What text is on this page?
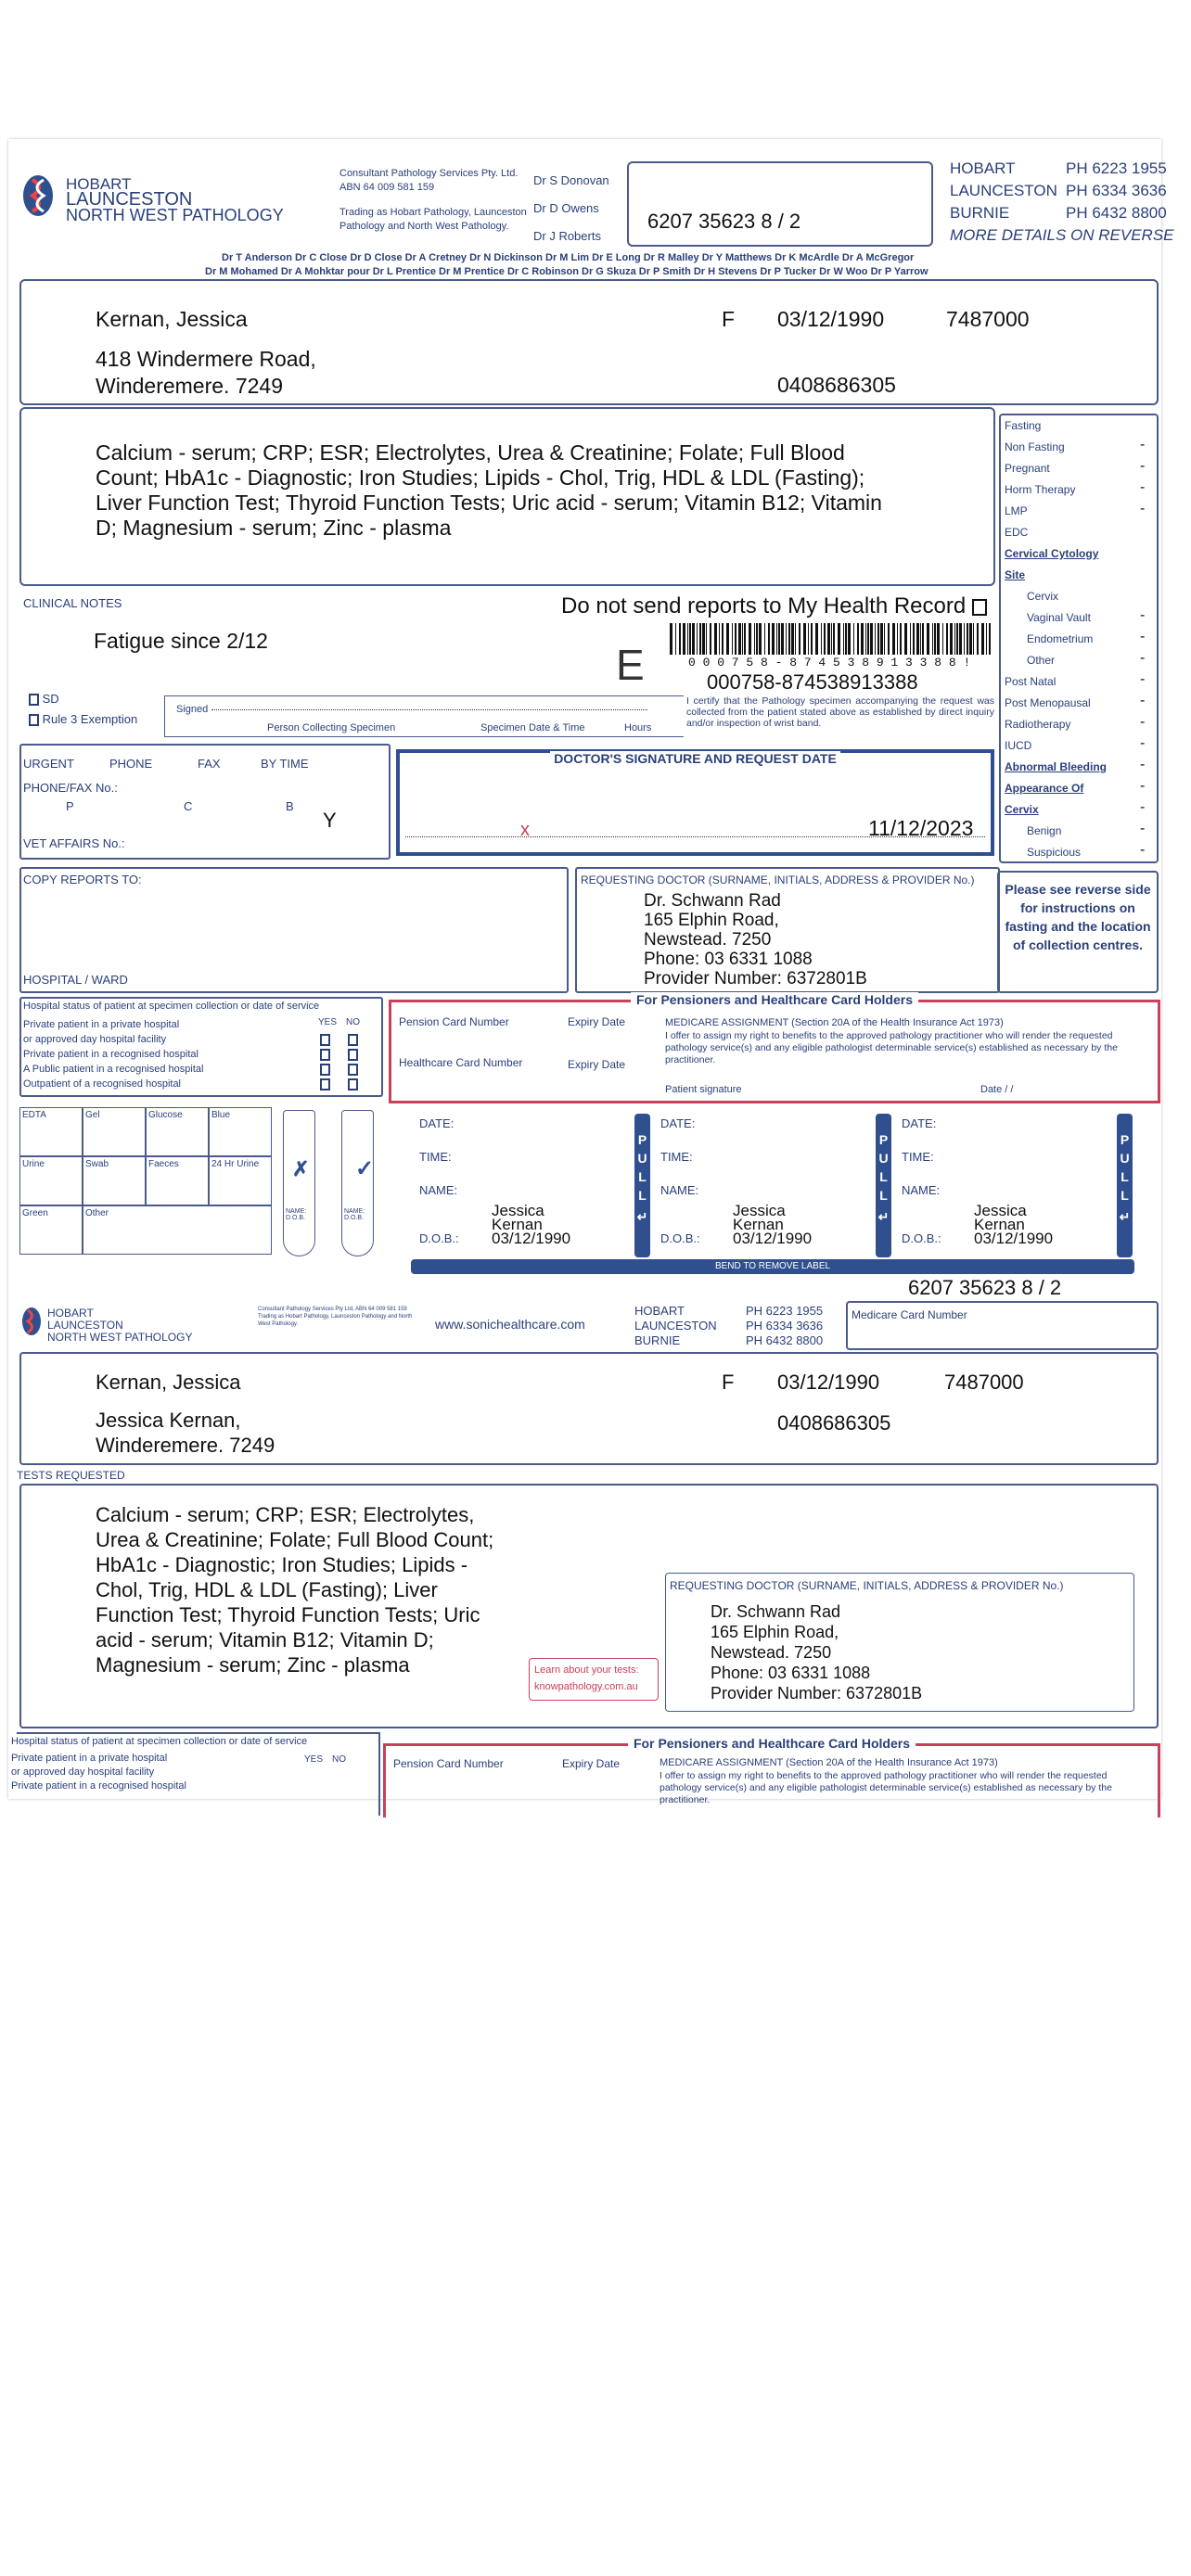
HOBART
LAUNCESTON
NORTH WEST PATHOLOGY
Consultant Pathology Services Pty. Ltd.
ABN 64 009 581 159
Trading as Hobart Pathology, Launceston
Pathology and North West Pathology.
Dr S Donovan
Dr D Owens
Dr J Roberts
6207 35623 8 / 2
HOBART	PH 6223 1955
LAUNCESTON PH 6334 3636
BURNIE	PH 6432 8800
MORE DETAILS ON REVERSE
Dr T Anderson Dr C Close Dr D Close Dr A Cretney Dr N Dickinson Dr M Lim Dr E Long Dr R Malley Dr Y Matthews Dr K McArdle Dr A McGregor
Dr M Mohamed Dr A Mohktar pour Dr L Prentice Dr M Prentice Dr C Robinson Dr G Skuza Dr P Smith Dr H Stevens Dr P Tucker Dr W Woo Dr P Yarrow
Kernan, Jessica	F 03/12/1990	7487000
418 Windermere Road,
Winderemere. 7249	0408686305
Calcium - serum; CRP; ESR; Electrolytes, Urea & Creatinine; Folate; Full Blood Count; HbA1c - Diagnostic; Iron Studies; Lipids - Chol, Trig, HDL & LDL (Fasting); Liver Function Test; Thyroid Function Tests; Uric acid - serum; Vitamin B12; Vitamin D; Magnesium - serum; Zinc - plasma
Fasting
Non Fasting	-
Pregnant	-
Horm Therapy	-
LMP	-
EDC
Cervical Cytology
Site
Cervix
Vaginal Vault	-
Endometrium	-
Other	-
Post Natal	-
Post Menopausal	-
Radiotherapy	-
IUCD	-
Abnormal Bleeding -
Appearance Of	-
Cervix	-
Benign	-
Suspicious	-
CLINICAL NOTES	Do not send reports to My Health Record
Fatigue since 2/12
0 0 0 7 5 8 - 8 7 4 5 3 8 9 1 3 3 8 8 !
E	000758-874538913388
SD
Rule 3 Exemption
Signed
Person Collecting Specimen	Specimen Date & Time	Hours
I certify that the Pathology specimen accompanying the request was collected from the patient stated above as established by direct inquiry and/or inspection of wrist band.
URGENT	PHONE	FAX	BY TIME
PHONE/FAX No.:
P	C	B
Y
VET AFFAIRS No.:
DOCTOR'S SIGNATURE AND REQUEST DATE
x	11/12/2023
COPY REPORTS TO:
HOSPITAL / WARD
REQUESTING DOCTOR (SURNAME, INITIALS, ADDRESS & PROVIDER No.)
Dr. Schwann Rad
165 Elphin Road,
Newstead. 7250
Phone: 03 6331 1088
Provider Number: 6372801B
Please see reverse side for instructions on fasting and the location of collection centres.
Hospital status of patient at specimen collection or date of service
YES NO
Private patient in a private hospital
or approved day hospital facility
Private patient in a recognised hospital
A Public patient in a recognised hospital
Outpatient of a recognised hospital
For Pensioners and Healthcare Card Holders
Pension Card Number	Expiry Date
Healthcare Card Number	Expiry Date
MEDICARE ASSIGNMENT (Section 20A of the Health Insurance Act 1973)
I offer to assign my right to benefits to the approved pathology practitioner who will render the requested pathology service(s) and any eligible pathologist determinable service(s) established as necessary by the practitioner.
Patient signature	Date / /
EDTA	Gel	Glucose	Blue
Urine	Swab	Faeces	24 Hr Urine
Green	Other
✗
NAME: D.O.B.
✓
NAME: D.O.B.
DATE:
TIME:
NAME:
D.O.B.:
Jessica
Kernan
03/12/1990
PULL
↵
DATE:
TIME:
NAME:
D.O.B.:
Jessica
Kernan
03/12/1990
PULL
↵
DATE:
TIME:
NAME:
D.O.B.:
Jessica
Kernan
03/12/1990
PULL
↵
BEND TO REMOVE LABEL
6207 35623 8 / 2
HOBART
LAUNCESTON
NORTH WEST PATHOLOGY
Consultant Pathology Services Pty Ltd, ABN 64 009 581 159 Trading as Hobart Pathology, Launceston Pathology and North West Pathology.	www.sonichealthcare.com
HOBART	PH 6223 1955
LAUNCESTON PH 6334 3636
BURNIE	PH 6432 8800
Medicare Card Number
Kernan, Jessica	F 03/12/1990	7487000
Jessica Kernan,
Winderemere. 7249
0408686305
TESTS REQUESTED
Calcium - serum; CRP; ESR; Electrolytes, Urea & Creatinine; Folate; Full Blood Count; HbA1c - Diagnostic; Iron Studies; Lipids - Chol, Trig, HDL & LDL (Fasting); Liver Function Test; Thyroid Function Tests; Uric acid - serum; Vitamin B12; Vitamin D; Magnesium - serum; Zinc - plasma	Learn about your tests:
knowpathology.com.au
REQUESTING DOCTOR (SURNAME, INITIALS, ADDRESS & PROVIDER No.)
Dr. Schwann Rad
165 Elphin Road,
Newstead. 7250
Phone: 03 6331 1088
Provider Number: 6372801B
Hospital status of patient at specimen collection or date of service
YES NO
Private patient in a private hospital
or approved day hospital facility
Private patient in a recognised hospital
For Pensioners and Healthcare Card Holders
Pension Card Number	Expiry Date	MEDICARE ASSIGNMENT (Section 20A of the Health Insurance Act 1973)
I offer to assign my right to benefits to the approved pathology practitioner who will render the requested pathology service(s) and any eligible pathologist determinable service(s) established as necessary by the practitioner.
